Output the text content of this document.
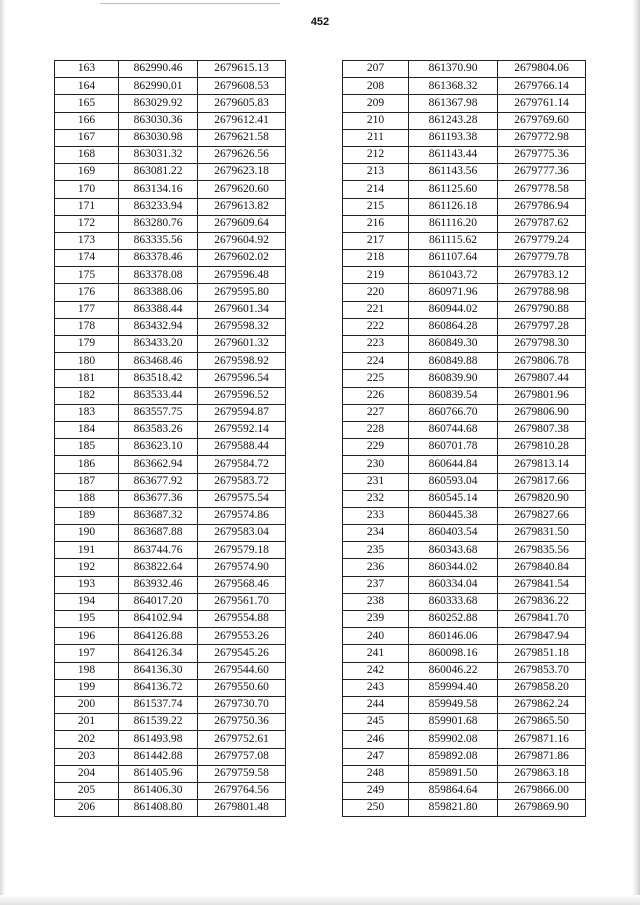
452
163	862990.46	2679615.13
164	862990.01	2679608.53
165	863029.92	2679605.83
166	863030.36	2679612.41
167	863030.98	2679621.58
168	863031.32	2679626.56
169	863081.22	2679623.18
170	863134.16	2679620.60
171	863233.94	2679613.82
172	863280.76	2679609.64
173	863335.56	2679604.92
174	863378.46	2679602.02
175	863378.08	2679596.48
176	863388.06	2679595.80
177	863388.44	2679601.34
178	863432.94	2679598.32
179	863433.20	2679601.32
180	863468.46	2679598.92
181	863518.42	2679596.54
182	863533.44	2679596.52
183	863557.75	2679594.87
184	863583.26	2679592.14
185	863623.10	2679588.44
186	863662.94	2679584.72
187	863677.92	2679583.72
188	863677.36	2679575.54
189	863687.32	2679574.86
190	863687.88	2679583.04
191	863744.76	2679579.18
192	863822.64	2679574.90
193	863932.46	2679568.46
194	864017.20	2679561.70
195	864102.94	2679554.88
196	864126.88	2679553.26
197	864126.34	2679545.26
198	864136.30	2679544.60
199	864136.72	2679550.60
200	861537.74	2679730.70
201	861539.22	2679750.36
202	861493.98	2679752.61
203	861442.88	2679757.08
204	861405.96	2679759.58
205	861406.30	2679764.56
206	861408.80	2679801.48
207	861370.90	2679804.06
208	861368.32	2679766.14
209	861367.98	2679761.14
210	861243.28	2679769.60
211	861193.38	2679772.98
212	861143.44	2679775.36
213	861143.56	2679777.36
214	861125.60	2679778.58
215	861126.18	2679786.94
216	861116.20	2679787.62
217	861115.62	2679779.24
218	861107.64	2679779.78
219	861043.72	2679783.12
220	860971.96	2679788.98
221	860944.02	2679790.88
222	860864.28	2679797.28
223	860849.30	2679798.30
224	860849.88	2679806.78
225	860839.90	2679807.44
226	860839.54	2679801.96
227	860766.70	2679806.90
228	860744.68	2679807.38
229	860701.78	2679810.28
230	860644.84	2679813.14
231	860593.04	2679817.66
232	860545.14	2679820.90
233	860445.38	2679827.66
234	860403.54	2679831.50
235	860343.68	2679835.56
236	860344.02	2679840.84
237	860334.04	2679841.54
238	860333.68	2679836.22
239	860252.88	2679841.70
240	860146.06	2679847.94
241	860098.16	2679851.18
242	860046.22	2679853.70
243	859994.40	2679858.20
244	859949.58	2679862.24
245	859901.68	2679865.50
246	859902.08	2679871.16
247	859892.08	2679871.86
248	859891.50	2679863.18
249	859864.64	2679866.00
250	859821.80	2679869.90
